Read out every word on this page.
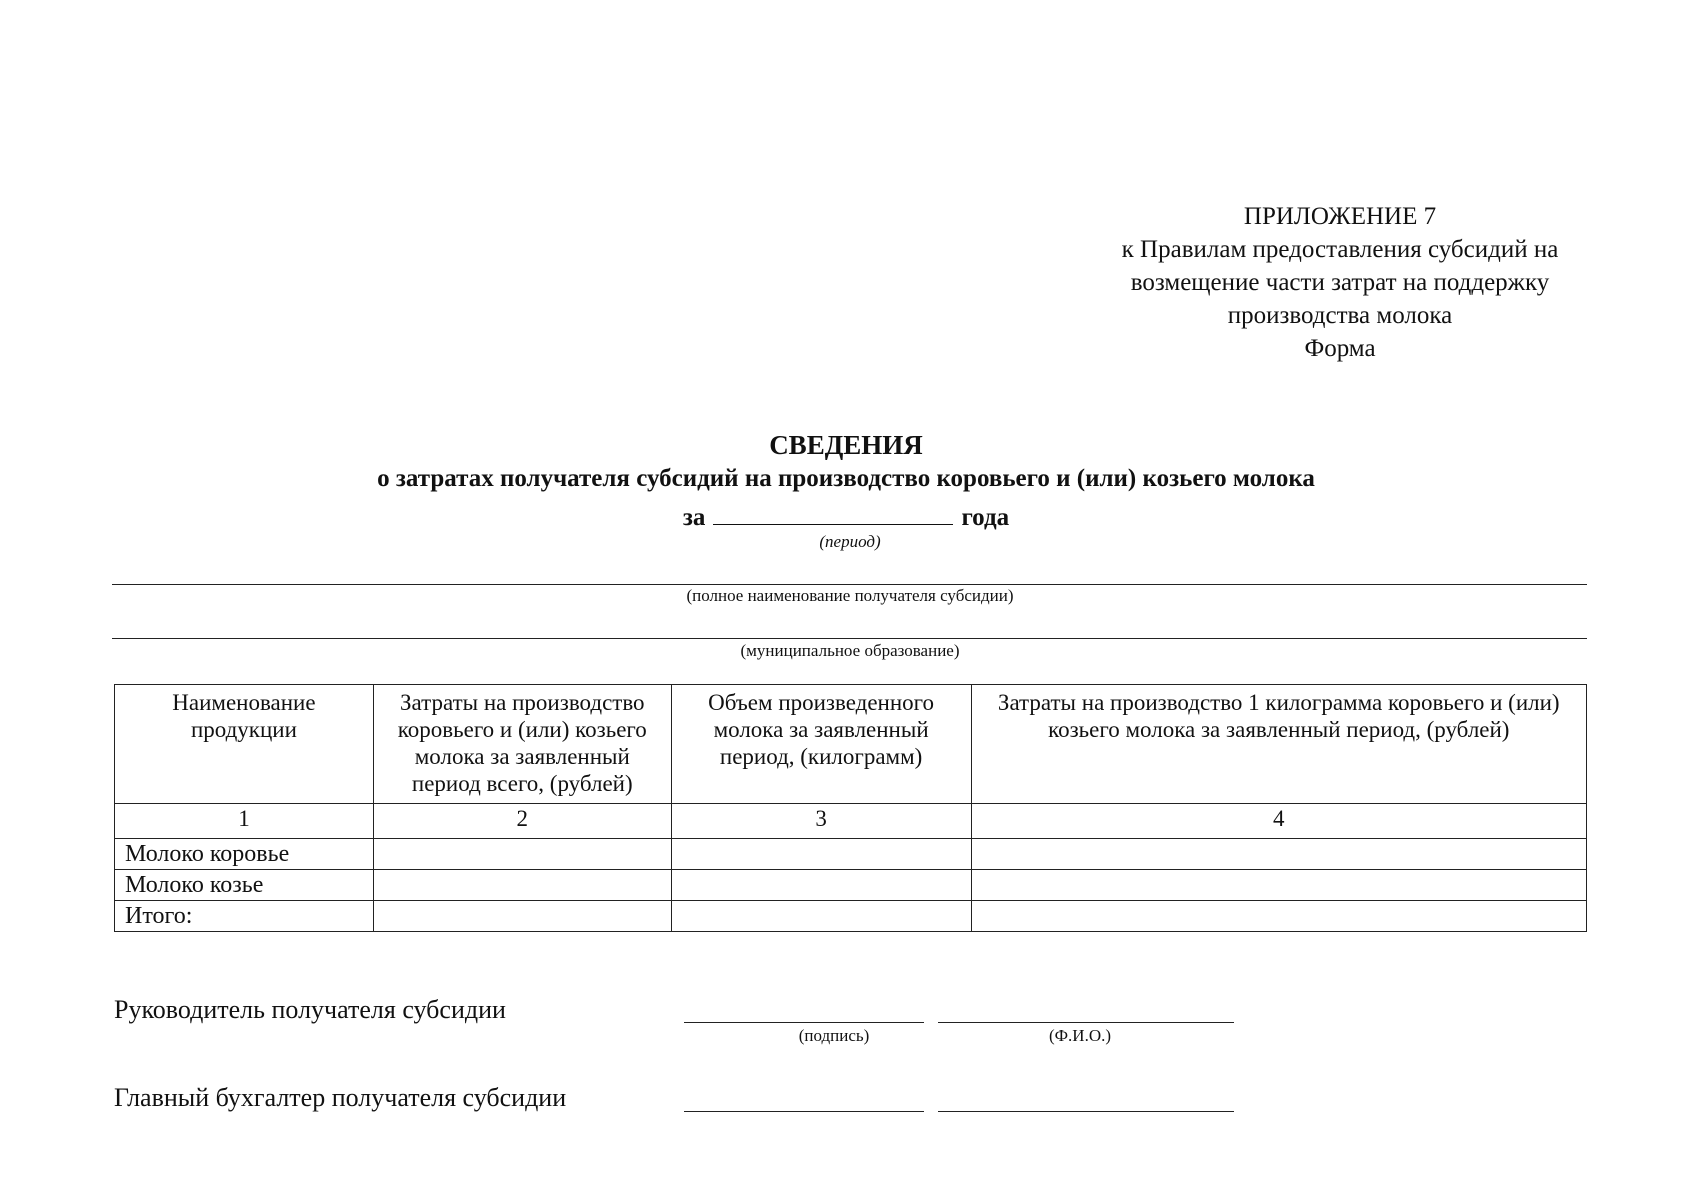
ПРИЛОЖЕНИЕ 7
к Правилам предоставления субсидий на
возмещение части затрат на поддержку
производства молока
Форма
СВЕДЕНИЯ
о затратах получателя субсидий на производство коровьего и (или) козьего молока
за	года
(период)
(полное наименование получателя субсидии)
(муниципальное образование)
Наименование продукции	Затраты на производство коровьего и (или) козьего молока за заявленный период всего, (рублей)	Объем произведенного молока за заявленный период, (килограмм)	Затраты на производство 1 килограмма коровьего и (или) козьего молока за заявленный период, (рублей)
1	2	3	4
Молоко коровье			
Молоко козье			
Итого:			
Руководитель получателя субсидии
(подпись)	(Ф.И.О.)
Главный бухгалтер получателя субсидии
